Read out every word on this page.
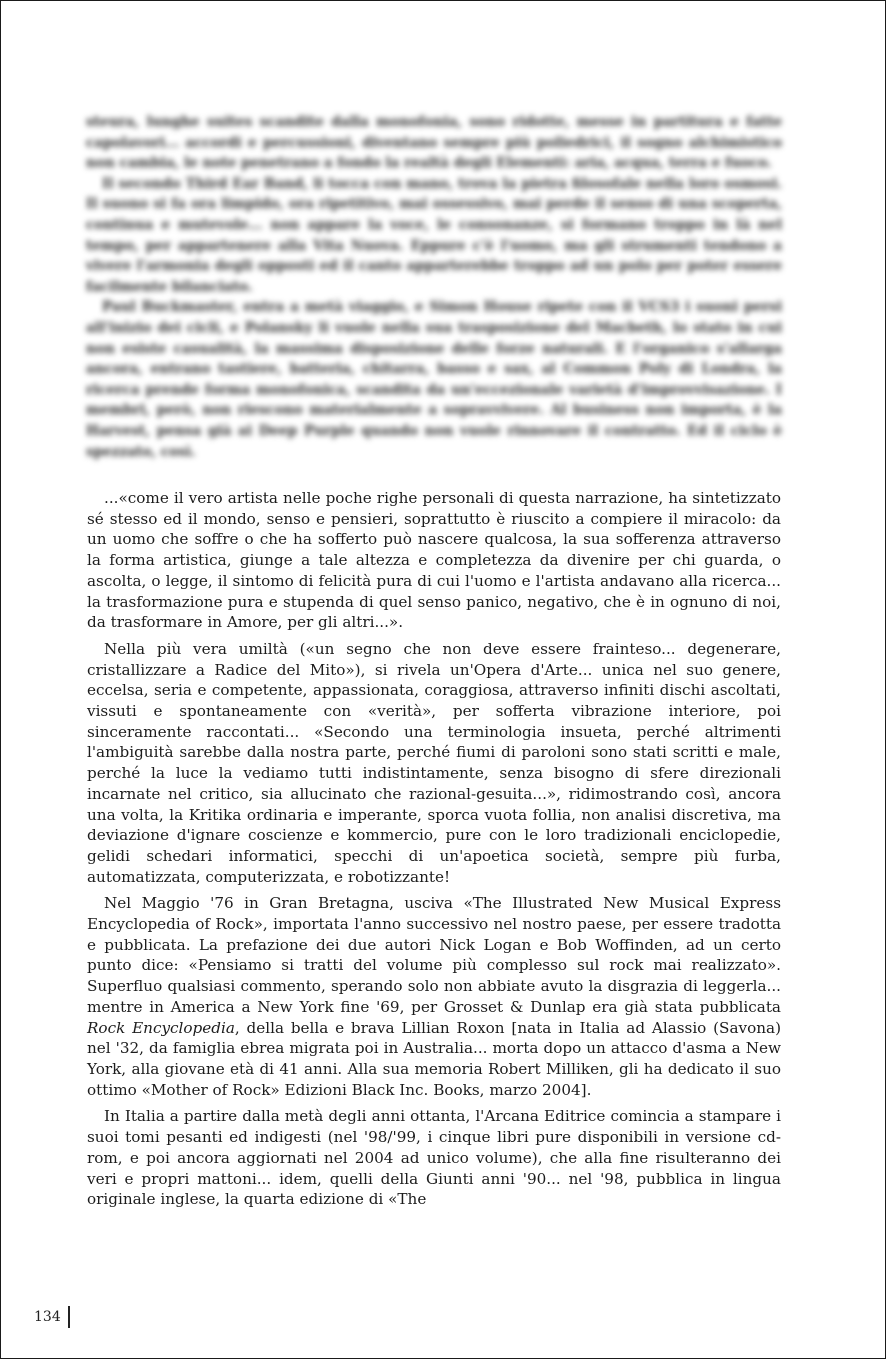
steura, lunghe suites scandite dalla monofonia, sono ridotte, messe in partitura e fatte capolavori... accordi e percussioni, diventano sempre più poliedrici, il sogno alchimistico non cambia, le note penetrano a fondo la realtà degli Elementi: aria, acqua, terra e fuoco.

Il secondo Third Ear Band, li tocca con mano, trova la pietra filosofale nella loro osmosi. Il suono si fa ora limpido, ora ripetitivo, mai ossessivo, mai perde il senso di una scoperta, continua e mutevole... non appare la voce, le consonanze, si formano troppo in là nel tempo, per appartenere alla Vita Nuova. Eppure c'è l'uomo, ma gli strumenti tendono a vivere l'armonia degli opposti ed il canto apparterebbe troppo ad un polo per poter essere facilmente bilanciato.

Paul Buckmaster, entra a metà viaggio, e Simon House ripete con il VCS3 i suoni persi all'inizio dei cicli, e Polansky li vuole nella sua trasposizione del Macbeth, lo stato in cui non esiste casualità, la massima disposizione delle forze naturali. E l'organico s'allarga ancora, entrano tastiere, batteria, chitarra, basso e sax, al Common Poly di Londra, la ricerca prende forma monofonica, scandita da un'eccezionale varietà d'improvvisazione. I membri, però, non riescono materialmente a sopravvivere. Al business non importa, è la Harvest, pensa già ai Deep Purple quando non vuole rinnovare il contratto. Ed il ciclo è spezzato, così.

...«come il vero artista nelle poche righe personali di questa narrazione, ha sintetizzato sé stesso ed il mondo, senso e pensieri, soprattutto è riuscito a compiere il miracolo: da un uomo che soffre o che ha sofferto può nascere qualcosa, la sua sofferenza attraverso la forma artistica, giunge a tale altezza e completezza da divenire per chi guarda, o ascolta, o legge, il sintomo di felicità pura di cui l'uomo e l'artista andavano alla ricerca... la trasformazione pura e stupenda di quel senso panico, negativo, che è in ognuno di noi, da trasformare in Amore, per gli altri...».

Nella più vera umiltà («un segno che non deve essere frainteso... degenerare, cristallizzare a Radice del Mito»), si rivela un'Opera d'Arte... unica nel suo genere, eccelsa, seria e competente, appassionata, coraggiosa, attraverso infiniti dischi ascoltati, vissuti e spontaneamente con «verità», per sofferta vibrazione interiore, poi sinceramente raccontati... «Secondo una terminologia insueta, perché altrimenti l'ambiguità sarebbe dalla nostra parte, perché fiumi di paroloni sono stati scritti e male, perché la luce la vediamo tutti indistintamente, senza bisogno di sfere direzionali incarnate nel critico, sia allucinato che razional-gesuita...», ridimostrando così, ancora una volta, la Kritika ordinaria e imperante, sporca vuota follia, non analisi discretiva, ma deviazione d'ignare coscienze e kommercio, pure con le loro tradizionali enciclopedie, gelidi schedari informatici, specchi di un'apoetica società, sempre più furba, automatizzata, computerizzata, e robotizzante!

Nel Maggio '76 in Gran Bretagna, usciva «The Illustrated New Musical Express Encyclopedia of Rock», importata l'anno successivo nel nostro paese, per essere tradotta e pubblicata. La prefazione dei due autori Nick Logan e Bob Woffinden, ad un certo punto dice: «Pensiamo si tratti del volume più complesso sul rock mai realizzato». Superfluo qualsiasi commento, sperando solo non abbiate avuto la disgrazia di leggerla... mentre in America a New York fine '69, per Grosset & Dunlap era già stata pubblicata Rock Encyclopedia, della bella e brava Lillian Roxon [nata in Italia ad Alassio (Savona) nel '32, da famiglia ebrea migrata poi in Australia... morta dopo un attacco d'asma a New York, alla giovane età di 41 anni. Alla sua memoria Robert Milliken, gli ha dedicato il suo ottimo «Mother of Rock» Edizioni Black Inc. Books, marzo 2004].

In Italia a partire dalla metà degli anni ottanta, l'Arcana Editrice comincia a stampare i suoi tomi pesanti ed indigesti (nel '98/'99, i cinque libri pure disponibili in versione cd-rom, e poi ancora aggiornati nel 2004 ad unico volume), che alla fine risulteranno dei veri e propri mattoni... idem, quelli della Giunti anni '90... nel '98, pubblica in lingua originale inglese, la quarta edizione di «The

134
